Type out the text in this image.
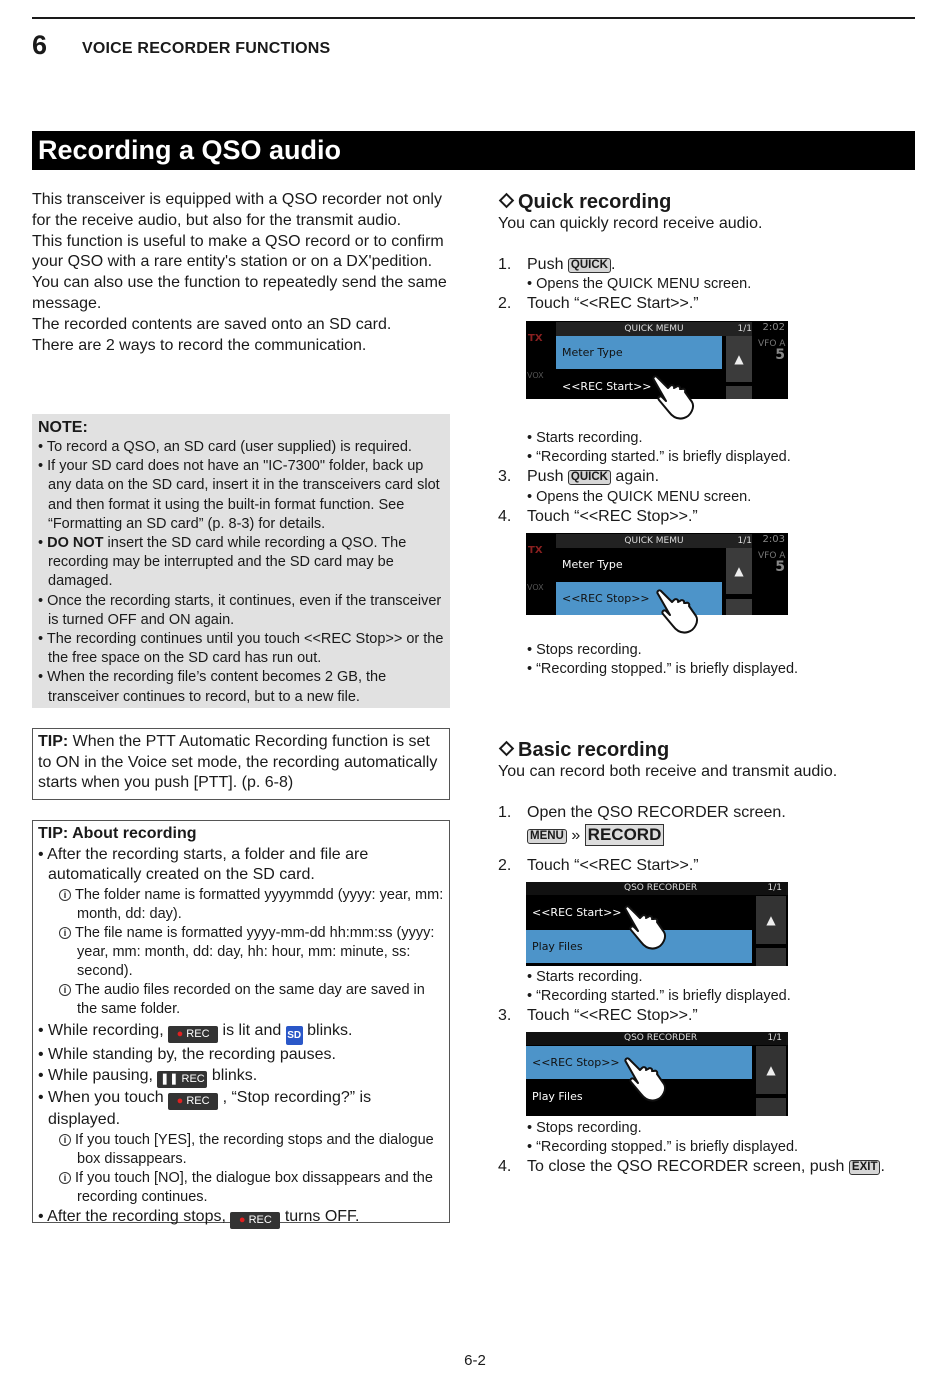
6 VOICE RECORDER FUNCTIONS
Recording a QSO audio
This transceiver is equipped with a QSO recorder not only for the receive audio, but also for the transmit audio.
This function is useful to make a QSO record or to confirm your QSO with a rare entity's station or on a DX'pedition. You can also use the function to repeatedly send the same message.
The recorded contents are saved onto an SD card.
There are 2 ways to record the communication.
NOTE:
• To record a QSO, an SD card (user supplied) is required.
• If your SD card does not have an "IC-7300" folder, back up any data on the SD card, insert it in the transceivers card slot and then format it using the built-in format function. See “Formatting an SD card” (p. 8-3) for details.
• DO NOT insert the SD card while recording a QSO. The recording may be interrupted and the SD card may be damaged.
• Once the recording starts, it continues, even if the transceiver is turned OFF and ON again.
• The recording continues until you touch <<REC Stop>> or the the free space on the SD card has run out.
• When the recording file’s content becomes 2 GB, the transceiver continues to record, but to a new file.
TIP: When the PTT Automatic Recording function is set to ON in the Voice set mode, the recording automatically starts when you push [PTT]. (p. 6-8)
TIP: About recording
• After the recording starts, a folder and file are automatically created on the SD card.
i The folder name is formatted yyyymmdd (yyyy: year, mm: month, dd: day).
i The file name is formatted yyyy-mm-dd hh:mm:ss (yyyy: year, mm: month, dd: day, hh: hour, mm: minute, ss: second).
i The audio files recorded on the same day are saved in the same folder.
• While recording, ● REC is lit and SD blinks.
• While standing by, the recording pauses.
• While pausing, ❚❚ REC blinks.
• When you touch ● REC , “Stop recording?” is displayed.
i If you touch [YES], the recording stops and the dialogue box dissappears.
i If you touch [NO], the dialogue box dissappears and the recording continues.
• After the recording stops, ● REC turns OFF.
Quick recording
You can quickly record receive audio.
1. Push QUICK .
• Opens the QUICK MENU screen.
2. Touch “<<REC Start>>.”
TX
VOX
QUICK MEMU	1/1 2:02
Meter Type
<<REC Start>>
▲
VFO A
5
• Starts recording.
• “Recording started.” is briefly displayed.
3. Push QUICK again.
• Opens the QUICK MENU screen.
4. Touch “<<REC Stop>>.”
TX
VOX
QUICK MEMU	1/1 2:03
Meter Type
<<REC Stop>>
▲
VFO A
5
• Stops recording.
• “Recording stopped.” is briefly displayed.
Basic recording
You can record both receive and transmit audio.
1. Open the QSO RECORDER screen.
MENU » RECORD
2. Touch “<<REC Start>>.”
QSO RECORDER	1/1
<<REC Start>>
Play Files
▲
• Starts recording.
• “Recording started.” is briefly displayed.
3. Touch “<<REC Stop>>.”
QSO RECORDER	1/1
<<REC Stop>>
Play Files
▲
• Stops recording.
• “Recording stopped.” is briefly displayed.
4. To close the QSO RECORDER screen, push EXIT .
6-2
